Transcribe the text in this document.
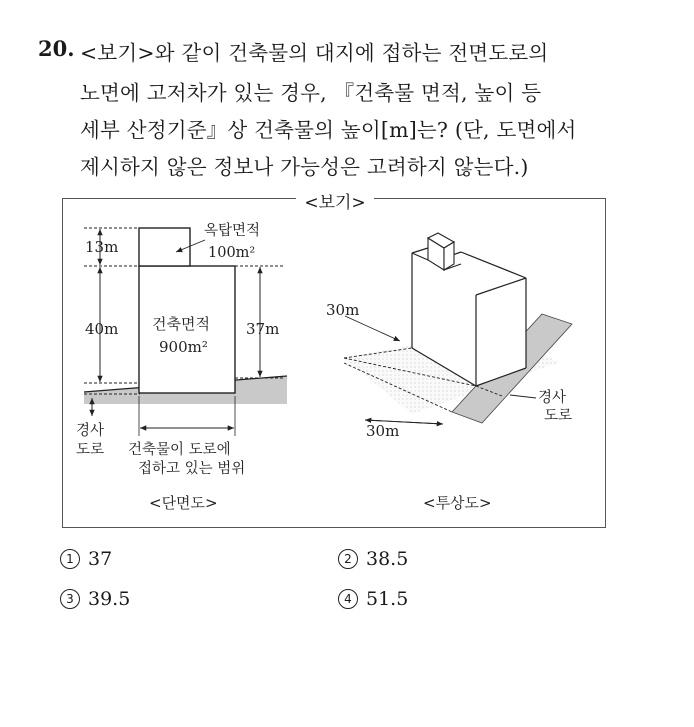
20. <보기>와 같이 건축물의 대지에 접하는 전면도로의
노면에 고저차가 있는 경우, 『건축물 면적, 높이 등
세부 산정기준』상 건축물의 높이[m]는? (단, 도면에서
제시하지 않은 정보나 가능성은 고려하지 않는다.)
13m
40m	37m
옥탑면적
100m²
건축면적
900m²
경사
도로 건축물이 도로에
접하고 있는 범위
<단면도>
30m
30m
경사
도로
<투상도>
<보기>
1 37	2 38.5
3 39.5	4 51.5
